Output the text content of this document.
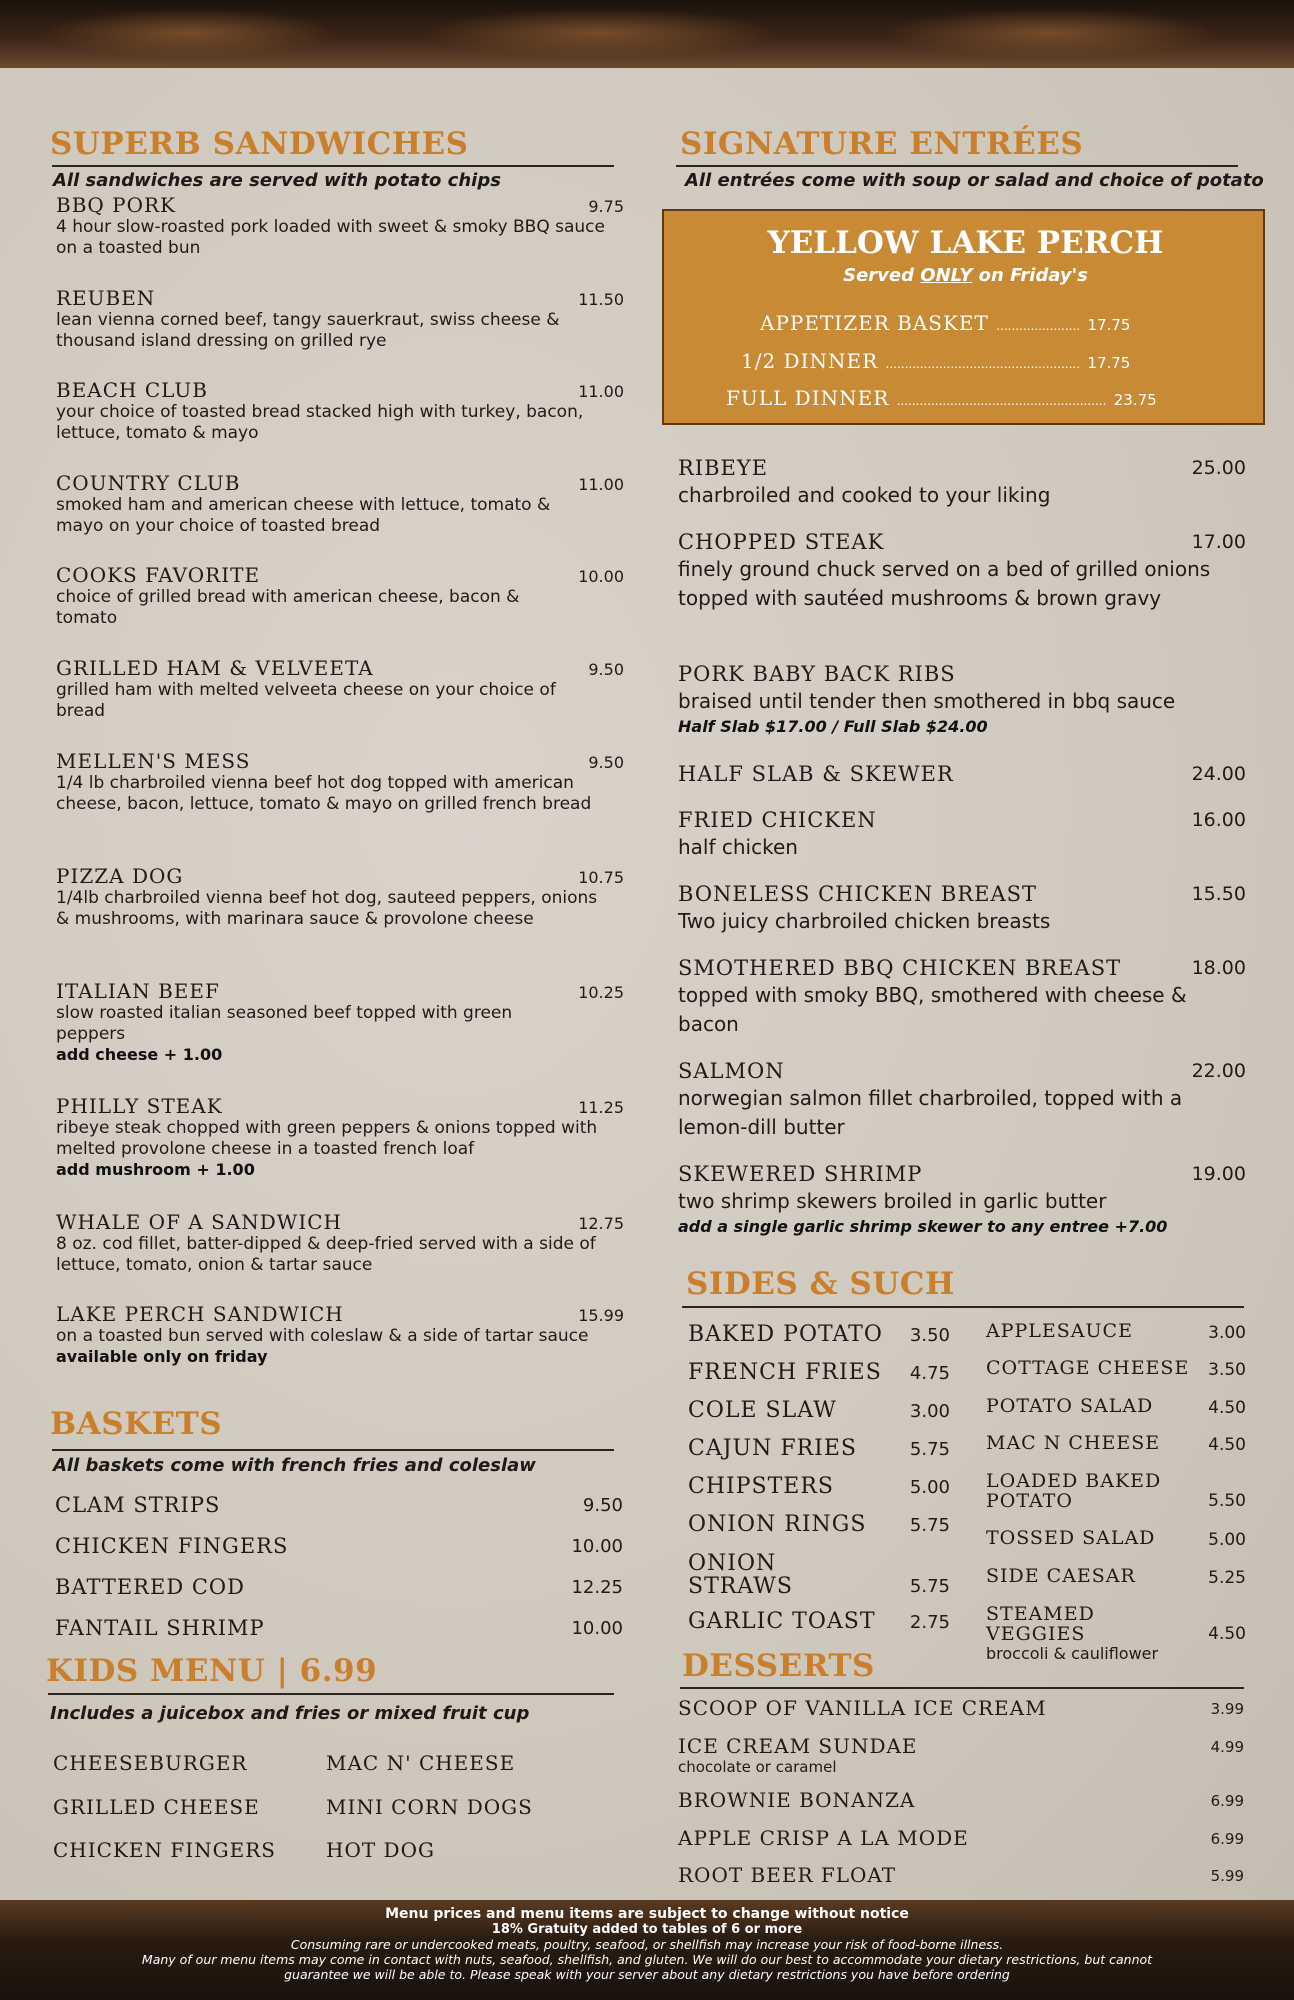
SUPERB SANDWICHES
All sandwiches are served with potato chips
BBQ PORK	9.75
4 hour slow-roasted pork loaded with sweet & smoky BBQ sauce on a toasted bun
REUBEN	11.50
lean vienna corned beef, tangy sauerkraut, swiss cheese & thousand island dressing on grilled rye
BEACH CLUB	11.00
your choice of toasted bread stacked high with turkey, bacon, lettuce, tomato & mayo
COUNTRY CLUB	11.00
smoked ham and american cheese with lettuce, tomato & mayo on your choice of toasted bread
COOKS FAVORITE	10.00
choice of grilled bread with american cheese, bacon & tomato
GRILLED HAM & VELVEETA	9.50
grilled ham with melted velveeta cheese on your choice of bread
MELLEN'S MESS	9.50
1/4 lb charbroiled vienna beef hot dog topped with american cheese, bacon, lettuce, tomato & mayo on grilled french bread
PIZZA DOG	10.75
1/4lb charbroiled vienna beef hot dog, sauteed peppers, onions & mushrooms, with marinara sauce & provolone cheese
ITALIAN BEEF	10.25
slow roasted italian seasoned beef topped with green peppers
add cheese + 1.00
PHILLY STEAK	11.25
ribeye steak chopped with green peppers & onions topped with melted provolone cheese in a toasted french loaf
add mushroom + 1.00
WHALE OF A SANDWICH	12.75
8 oz. cod fillet, batter-dipped & deep-fried served with a side of lettuce, tomato, onion & tartar sauce
LAKE PERCH SANDWICH	15.99
on a toasted bun served with coleslaw & a side of tartar sauce
available only on friday
BASKETS
All baskets come with french fries and coleslaw
CLAM STRIPS	9.50
CHICKEN FINGERS	10.00
BATTERED COD	12.25
FANTAIL SHRIMP	10.00
KIDS MENU | 6.99
Includes a juicebox and fries or mixed fruit cup
CHEESEBURGER	MAC N' CHEESE
GRILLED CHEESE	MINI CORN DOGS
CHICKEN FINGERS	HOT DOG
SIGNATURE ENTRÉES
All entrées come with soup or salad and choice of potato
YELLOW LAKE PERCH
Served ONLY on Friday's
APPETIZER BASKET ...................... 17.75
1/2 DINNER ................................................... 17.75
FULL DINNER ....................................................... 23.75
RIBEYE	25.00
charbroiled and cooked to your liking
CHOPPED STEAK	17.00
finely ground chuck served on a bed of grilled onions topped with sautéed mushrooms & brown gravy
PORK BABY BACK RIBS
braised until tender then smothered in bbq sauce
Half Slab $17.00 / Full Slab $24.00
HALF SLAB & SKEWER	24.00
FRIED CHICKEN	16.00
half chicken
BONELESS CHICKEN BREAST	15.50
Two juicy charbroiled chicken breasts
SMOTHERED BBQ CHICKEN BREAST	18.00
topped with smoky BBQ, smothered with cheese & bacon
SALMON	22.00
norwegian salmon fillet charbroiled, topped with a lemon-dill butter
SKEWERED SHRIMP	19.00
two shrimp skewers broiled in garlic butter
add a single garlic shrimp skewer to any entree +7.00
SIDES & SUCH
BAKED POTATO	3.50
FRENCH FRIES	4.75
COLE SLAW	3.00
CAJUN FRIES	5.75
CHIPSTERS	5.00
ONION RINGS	5.75
ONION STRAWS	5.75
GARLIC TOAST	2.75
APPLESAUCE	3.00
COTTAGE CHEESE	3.50
POTATO SALAD	4.50
MAC N CHEESE	4.50
LOADED BAKED POTATO	5.50
TOSSED SALAD	5.00
SIDE CAESAR	5.25
STEAMED VEGGIES	4.50
broccoli & cauliflower
DESSERTS
SCOOP OF VANILLA ICE CREAM	3.99
ICE CREAM SUNDAE	4.99
chocolate or caramel
BROWNIE BONANZA	6.99
APPLE CRISP A LA MODE	6.99
ROOT BEER FLOAT	5.99
Menu prices and menu items are subject to change without notice
18% Gratuity added to tables of 6 or more
Consuming rare or undercooked meats, poultry, seafood, or shellfish may increase your risk of food-borne illness.
Many of our menu items may come in contact with nuts, seafood, shellfish, and gluten. We will do our best to accommodate your dietary restrictions, but cannot
guarantee we will be able to. Please speak with your server about any dietary restrictions you have before ordering
